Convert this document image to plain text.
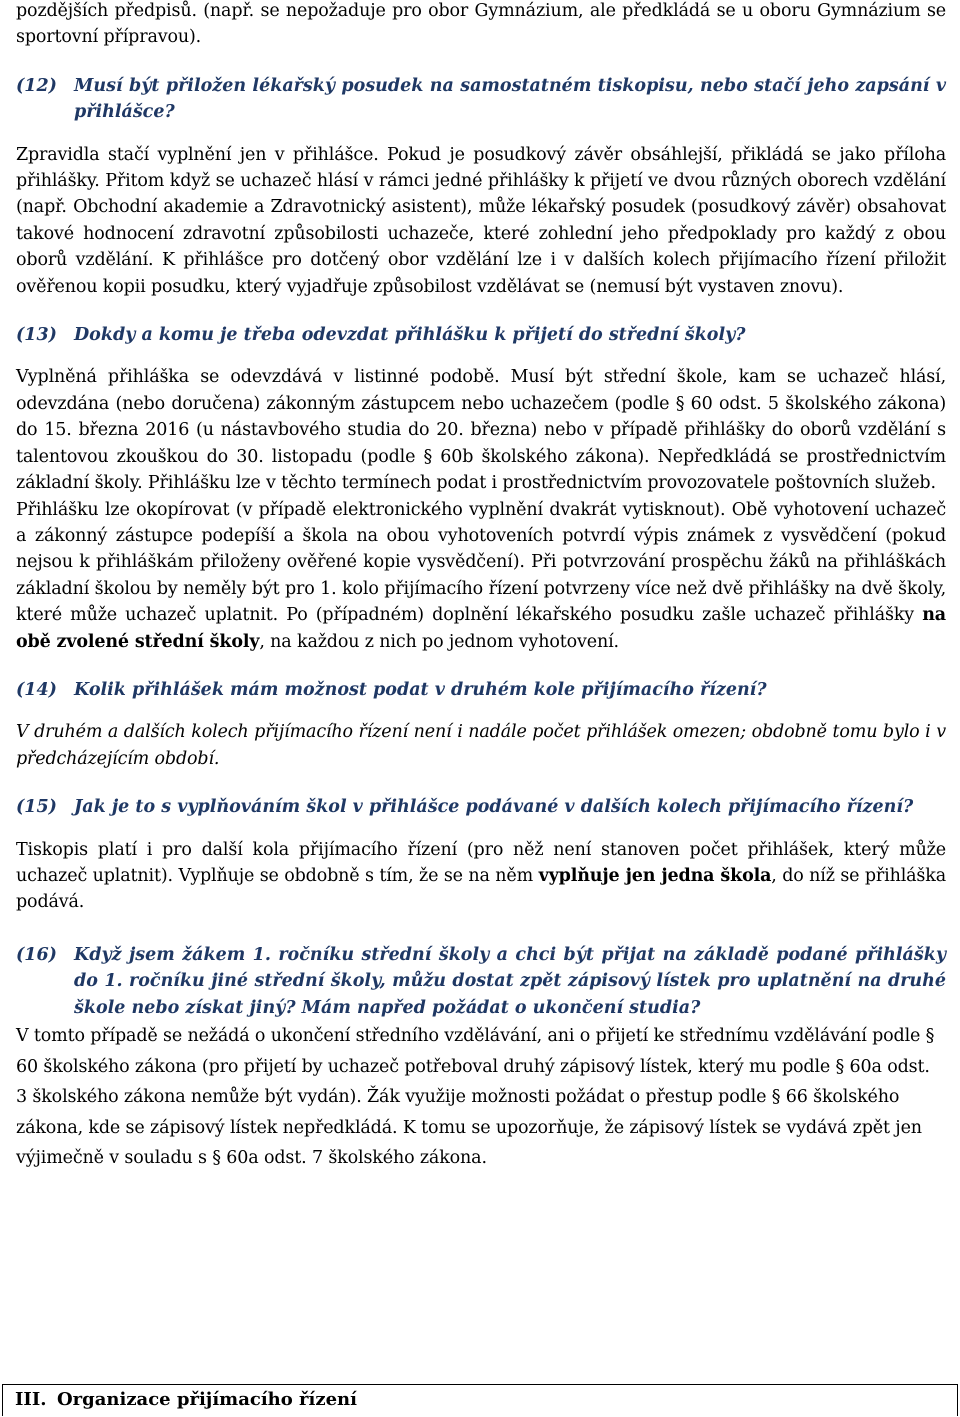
pozdějších předpisů. (např. se nepožaduje pro obor Gymnázium, ale předkládá se u oboru Gymnázium se sportovní přípravou).

(12) Musí být přiložen lékařský posudek na samostatném tiskopisu, nebo stačí jeho zapsání v přihlášce?

Zpravidla stačí vyplnění jen v přihlášce. Pokud je posudkový závěr obsáhlejší, přikládá se jako příloha přihlášky. Přitom když se uchazeč hlásí v rámci jedné přihlášky k přijetí ve dvou různých oborech vzdělání (např. Obchodní akademie a Zdravotnický asistent), může lékařský posudek (posudkový závěr) obsahovat takové hodnocení zdravotní způsobilosti uchazeče, které zohlední jeho předpoklady pro každý z obou oborů vzdělání. K přihlášce pro dotčený obor vzdělání lze i v dalších kolech přijímacího řízení přiložit ověřenou kopii posudku, který vyjadřuje způsobilost vzdělávat se (nemusí být vystaven znovu).

(13) Dokdy a komu je třeba odevzdat přihlášku k přijetí do střední školy?

Vyplněná přihláška se odevzdává v listinné podobě. Musí být střední škole, kam se uchazeč hlásí, odevzdána (nebo doručena) zákonným zástupcem nebo uchazečem (podle § 60 odst. 5 školského zákona) do 15. března 2016 (u nástavbového studia do 20. března) nebo v případě přihlášky do oborů vzdělání s talentovou zkouškou do 30. listopadu (podle § 60b školského zákona). Nepředkládá se prostřednictvím základní školy. Přihlášku lze v těchto termínech podat i prostřednictvím provozovatele poštovních služeb.

Přihlášku lze okopírovat (v případě elektronického vyplnění dvakrát vytisknout). Obě vyhotovení uchazeč a zákonný zástupce podepíší a škola na obou vyhotoveních potvrdí výpis známek z vysvědčení (pokud nejsou k přihláškám přiloženy ověřené kopie vysvědčení). Při potvrzování prospěchu žáků na přihláškách základní školou by neměly být pro 1. kolo přijímacího řízení potvrzeny více než dvě přihlášky na dvě školy, které může uchazeč uplatnit. Po (případném) doplnění lékařského posudku zašle uchazeč přihlášky na obě zvolené střední školy, na každou z nich po jednom vyhotovení.

(14) Kolik přihlášek mám možnost podat v druhém kole přijímacího řízení?

V druhém a dalších kolech přijímacího řízení není i nadále počet přihlášek omezen; obdobně tomu bylo i v předcházejícím období.

(15) Jak je to s vyplňováním škol v přihlášce podávané v dalších kolech přijímacího řízení?

Tiskopis platí i pro další kola přijímacího řízení (pro něž není stanoven počet přihlášek, který může uchazeč uplatnit). Vyplňuje se obdobně s tím, že se na něm vyplňuje jen jedna škola, do níž se přihláška podává.

(16) Když jsem žákem 1. ročníku střední školy a chci být přijat na základě podané přihlášky do 1. ročníku jiné střední školy, můžu dostat zpět zápisový lístek pro uplatnění na druhé škole nebo získat jiný? Mám napřed požádat o ukončení studia?

V tomto případě se nežádá o ukončení středního vzdělávání, ani o přijetí ke střednímu vzdělávání podle § 60 školského zákona (pro přijetí by uchazeč potřeboval druhý zápisový lístek, který mu podle § 60a odst. 3 školského zákona nemůže být vydán). Žák využije možnosti požádat o přestup podle § 66 školského zákona, kde se zápisový lístek nepředkládá. K tomu se upozorňuje, že zápisový lístek se vydává zpět jen výjimečně v souladu s § 60a odst. 7 školského zákona.

III. Organizace přijímacího řízení
